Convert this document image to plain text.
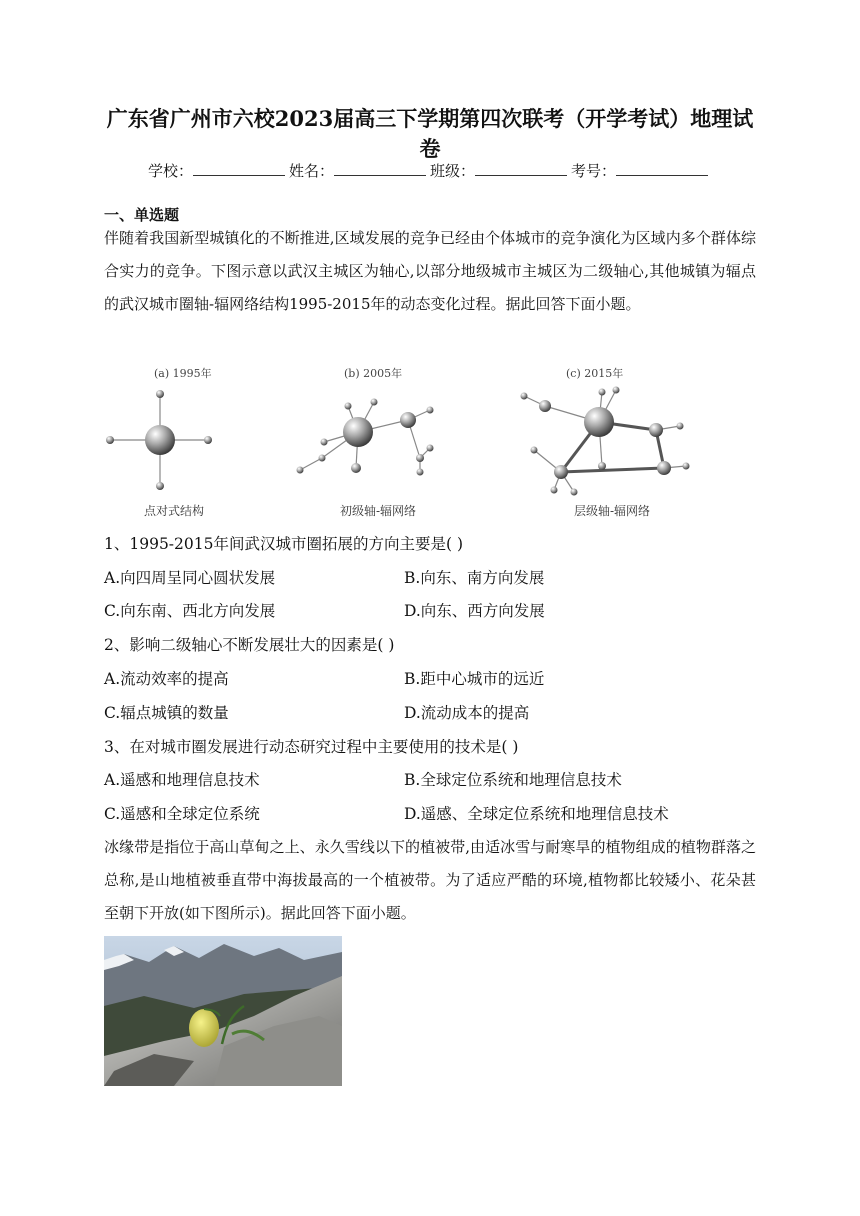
广东省广州市六校2023届高三下学期第四次联考（开学考试）地理试卷
学校：	姓名：	班级：	考号：
一、单选题
伴随着我国新型城镇化的不断推进,区域发展的竞争已经由个体城市的竞争演化为区域内多个群体综合实力的竞争。下图示意以武汉主城区为轴心,以部分地级城市主城区为二级轴心,其他城镇为辐点的武汉城市圈轴-辐网络结构1995-2015年的动态变化过程。据此回答下面小题。
(a) 1995年
点对式结构
(b) 2005年
初级轴-辐网络
(c) 2015年
层级轴-辐网络
1、1995-2015年间武汉城市圈拓展的方向主要是( )
A.向四周呈同心圆状发展	B.向东、南方向发展
C.向东南、西北方向发展	D.向东、西方向发展
2、影响二级轴心不断发展壮大的因素是( )
A.流动效率的提高	B.距中心城市的远近
C.辐点城镇的数量	D.流动成本的提高
3、在对城市圈发展进行动态研究过程中主要使用的技术是( )
A.遥感和地理信息技术	B.全球定位系统和地理信息技术
C.遥感和全球定位系统	D.遥感、全球定位系统和地理信息技术
冰缘带是指位于高山草甸之上、永久雪线以下的植被带,由适冰雪与耐寒旱的植物组成的植物群落之总称,是山地植被垂直带中海拔最高的一个植被带。为了适应严酷的环境,植物都比较矮小、花朵甚至朝下开放(如下图所示)。据此回答下面小题。
